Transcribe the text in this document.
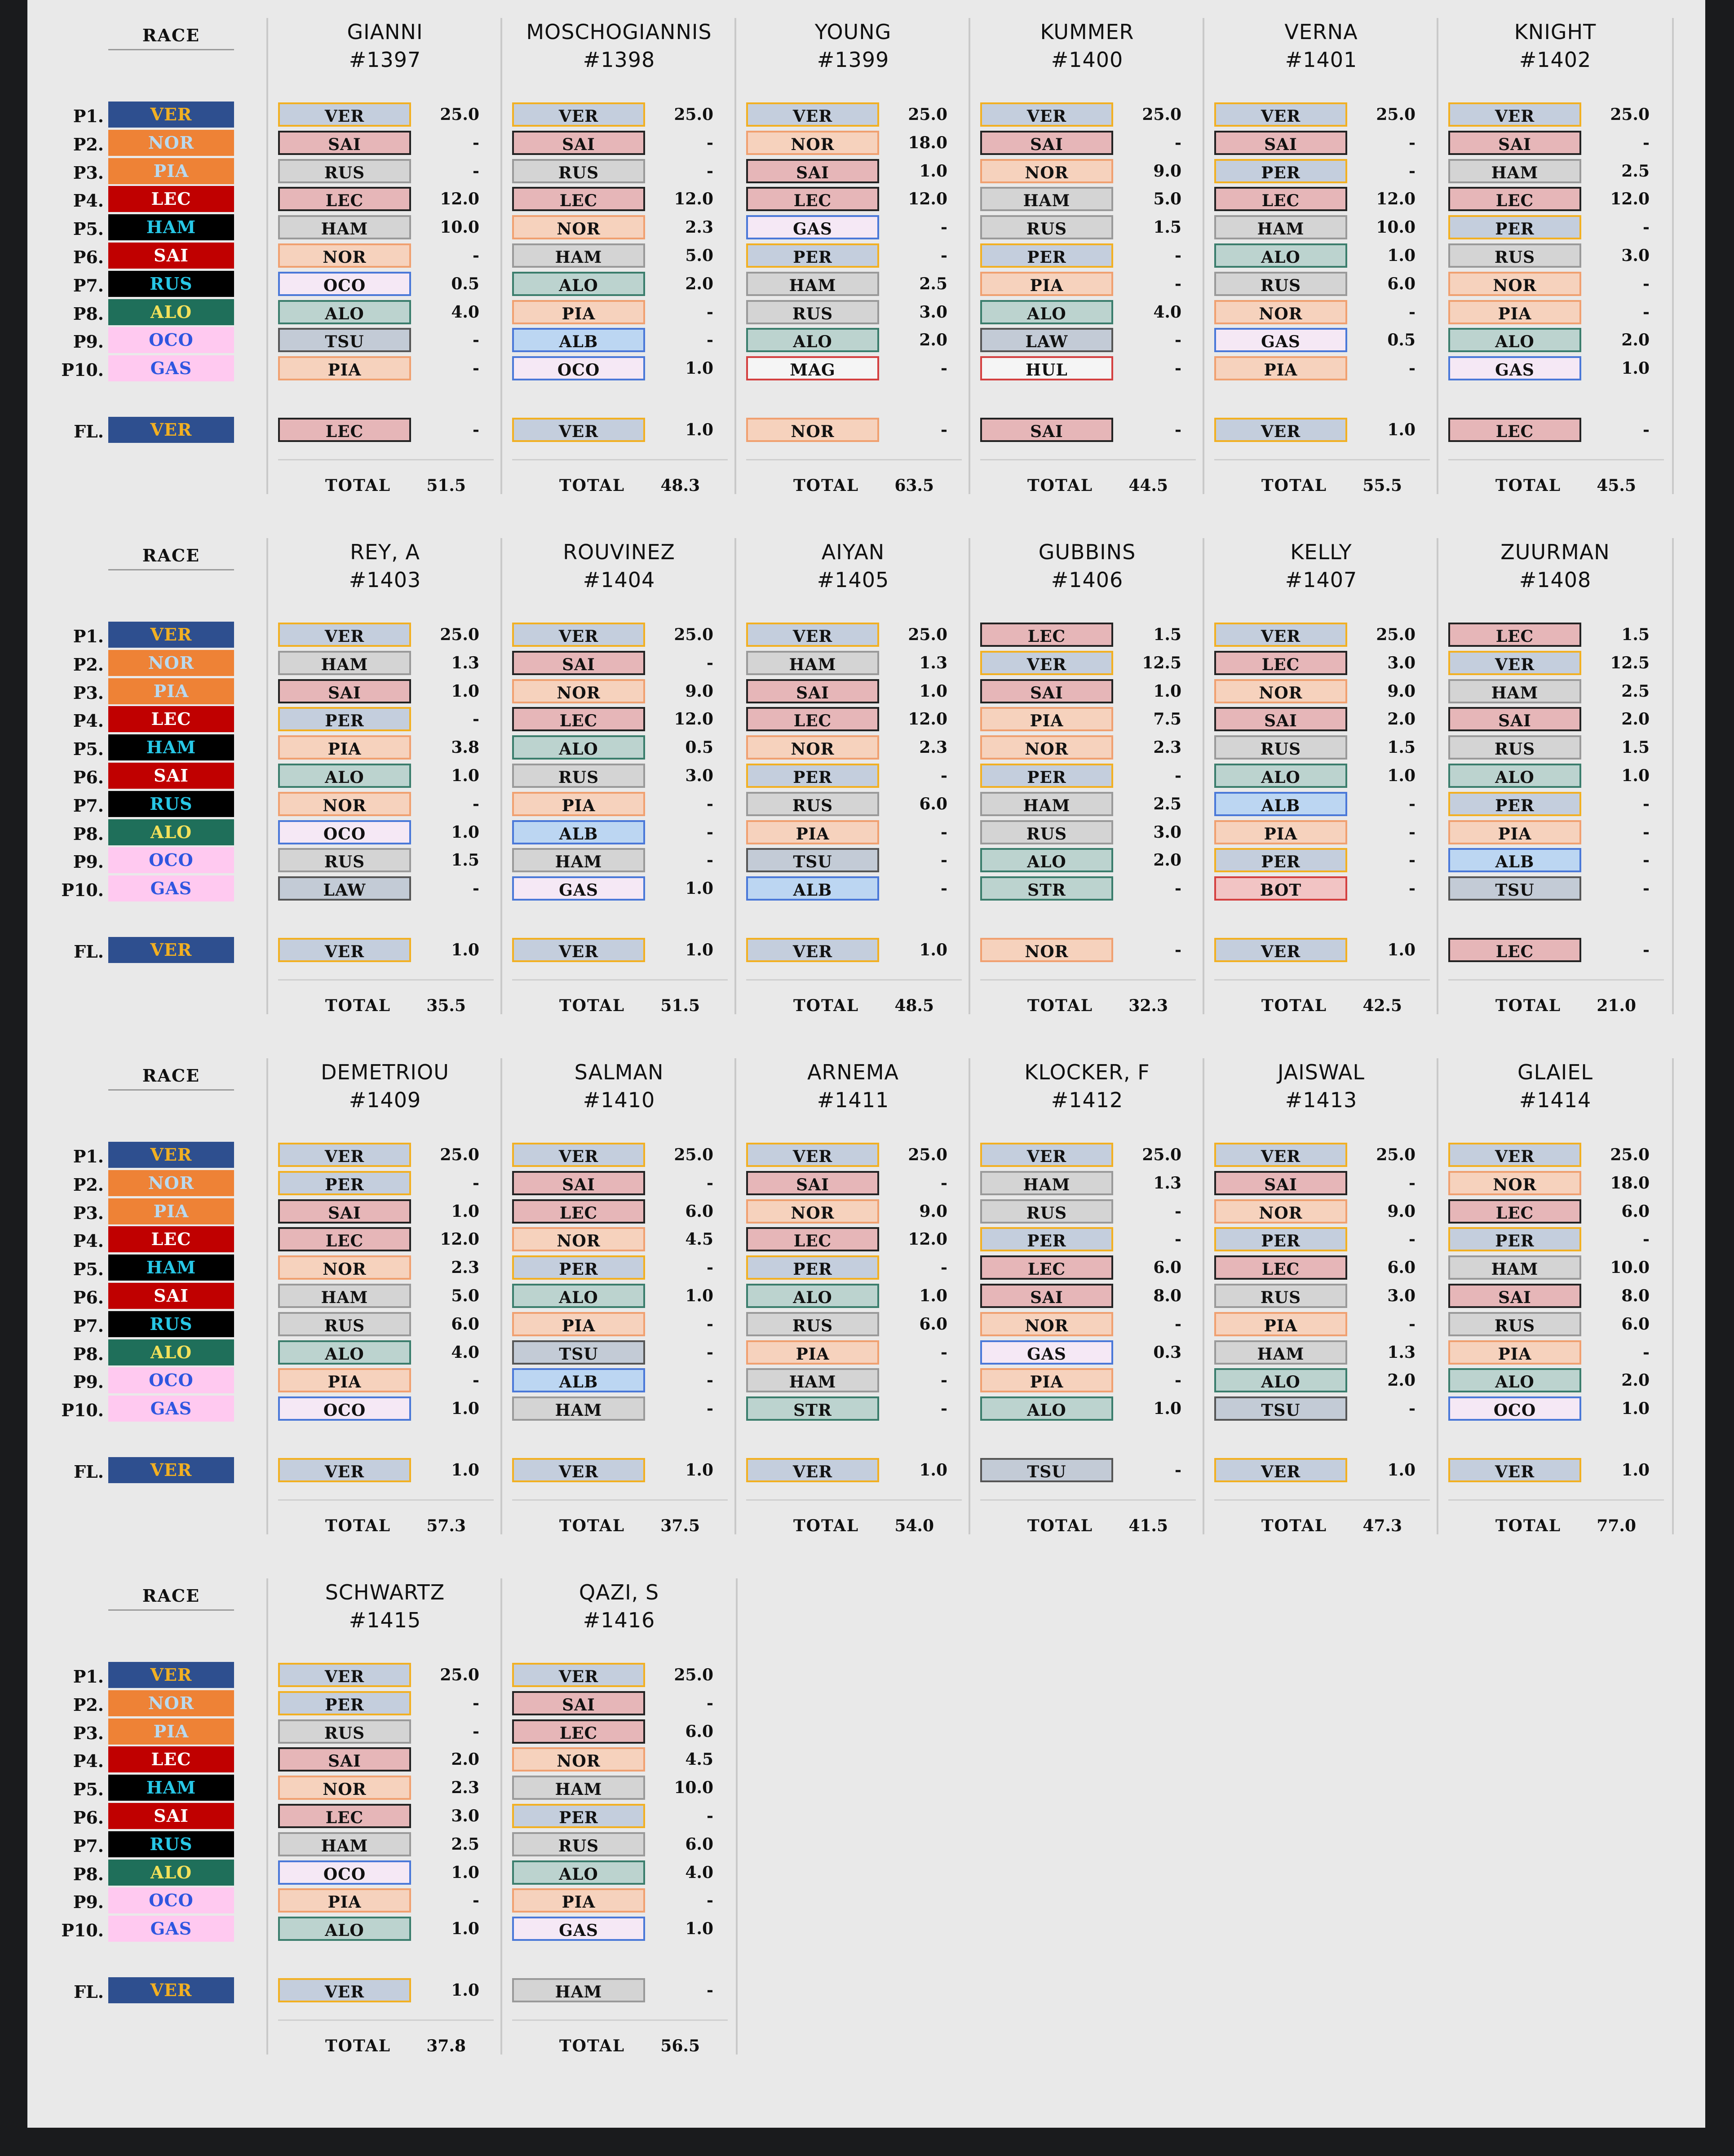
RACE
P1.	VER
P2.	NOR
P3.	PIA
P4.	LEC
P5.	HAM
P6.	SAI
P7.	RUS
P8.	ALO
P9.	OCO
P10.	GAS
FL.	VER
GIANNI
#1397
VER	25.0
SAI	-
RUS	-
LEC	12.0
HAM	10.0
NOR	-
OCO	0.5
ALO	4.0
TSU	-
PIA	-
LEC	-
TOTAL	51.5
MOSCHOGIANNIS
#1398
VER	25.0
SAI	-
RUS	-
LEC	12.0
NOR	2.3
HAM	5.0
ALO	2.0
PIA	-
ALB	-
OCO	1.0
VER	1.0
TOTAL	48.3
YOUNG
#1399
VER	25.0
NOR	18.0
SAI	1.0
LEC	12.0
GAS	-
PER	-
HAM	2.5
RUS	3.0
ALO	2.0
MAG	-
NOR	-
TOTAL	63.5
KUMMER
#1400
VER	25.0
SAI	-
NOR	9.0
HAM	5.0
RUS	1.5
PER	-
PIA	-
ALO	4.0
LAW	-
HUL	-
SAI	-
TOTAL	44.5
VERNA
#1401
VER	25.0
SAI	-
PER	-
LEC	12.0
HAM	10.0
ALO	1.0
RUS	6.0
NOR	-
GAS	0.5
PIA	-
VER	1.0
TOTAL	55.5
KNIGHT
#1402
VER	25.0
SAI	-
HAM	2.5
LEC	12.0
PER	-
RUS	3.0
NOR	-
PIA	-
ALO	2.0
GAS	1.0
LEC	-
TOTAL	45.5
RACE
P1.	VER
P2.	NOR
P3.	PIA
P4.	LEC
P5.	HAM
P6.	SAI
P7.	RUS
P8.	ALO
P9.	OCO
P10.	GAS
FL.	VER
REY, A
#1403
VER	25.0
HAM	1.3
SAI	1.0
PER	-
PIA	3.8
ALO	1.0
NOR	-
OCO	1.0
RUS	1.5
LAW	-
VER	1.0
TOTAL	35.5
ROUVINEZ
#1404
VER	25.0
SAI	-
NOR	9.0
LEC	12.0
ALO	0.5
RUS	3.0
PIA	-
ALB	-
HAM	-
GAS	1.0
VER	1.0
TOTAL	51.5
AIYAN
#1405
VER	25.0
HAM	1.3
SAI	1.0
LEC	12.0
NOR	2.3
PER	-
RUS	6.0
PIA	-
TSU	-
ALB	-
VER	1.0
TOTAL	48.5
GUBBINS
#1406
LEC	1.5
VER	12.5
SAI	1.0
PIA	7.5
NOR	2.3
PER	-
HAM	2.5
RUS	3.0
ALO	2.0
STR	-
NOR	-
TOTAL	32.3
KELLY
#1407
VER	25.0
LEC	3.0
NOR	9.0
SAI	2.0
RUS	1.5
ALO	1.0
ALB	-
PIA	-
PER	-
BOT	-
VER	1.0
TOTAL	42.5
ZUURMAN
#1408
LEC	1.5
VER	12.5
HAM	2.5
SAI	2.0
RUS	1.5
ALO	1.0
PER	-
PIA	-
ALB	-
TSU	-
LEC	-
TOTAL	21.0
RACE
P1.	VER
P2.	NOR
P3.	PIA
P4.	LEC
P5.	HAM
P6.	SAI
P7.	RUS
P8.	ALO
P9.	OCO
P10.	GAS
FL.	VER
DEMETRIOU
#1409
VER	25.0
PER	-
SAI	1.0
LEC	12.0
NOR	2.3
HAM	5.0
RUS	6.0
ALO	4.0
PIA	-
OCO	1.0
VER	1.0
TOTAL	57.3
SALMAN
#1410
VER	25.0
SAI	-
LEC	6.0
NOR	4.5
PER	-
ALO	1.0
PIA	-
TSU	-
ALB	-
HAM	-
VER	1.0
TOTAL	37.5
ARNEMA
#1411
VER	25.0
SAI	-
NOR	9.0
LEC	12.0
PER	-
ALO	1.0
RUS	6.0
PIA	-
HAM	-
STR	-
VER	1.0
TOTAL	54.0
KLOCKER, F
#1412
VER	25.0
HAM	1.3
RUS	-
PER	-
LEC	6.0
SAI	8.0
NOR	-
GAS	0.3
PIA	-
ALO	1.0
TSU	-
TOTAL	41.5
JAISWAL
#1413
VER	25.0
SAI	-
NOR	9.0
PER	-
LEC	6.0
RUS	3.0
PIA	-
HAM	1.3
ALO	2.0
TSU	-
VER	1.0
TOTAL	47.3
GLAIEL
#1414
VER	25.0
NOR	18.0
LEC	6.0
PER	-
HAM	10.0
SAI	8.0
RUS	6.0
PIA	-
ALO	2.0
OCO	1.0
VER	1.0
TOTAL	77.0
RACE
P1.	VER
P2.	NOR
P3.	PIA
P4.	LEC
P5.	HAM
P6.	SAI
P7.	RUS
P8.	ALO
P9.	OCO
P10.	GAS
FL.	VER
SCHWARTZ
#1415
VER	25.0
PER	-
RUS	-
SAI	2.0
NOR	2.3
LEC	3.0
HAM	2.5
OCO	1.0
PIA	-
ALO	1.0
VER	1.0
TOTAL	37.8
QAZI, S
#1416
VER	25.0
SAI	-
LEC	6.0
NOR	4.5
HAM	10.0
PER	-
RUS	6.0
ALO	4.0
PIA	-
GAS	1.0
HAM	-
TOTAL	56.5
